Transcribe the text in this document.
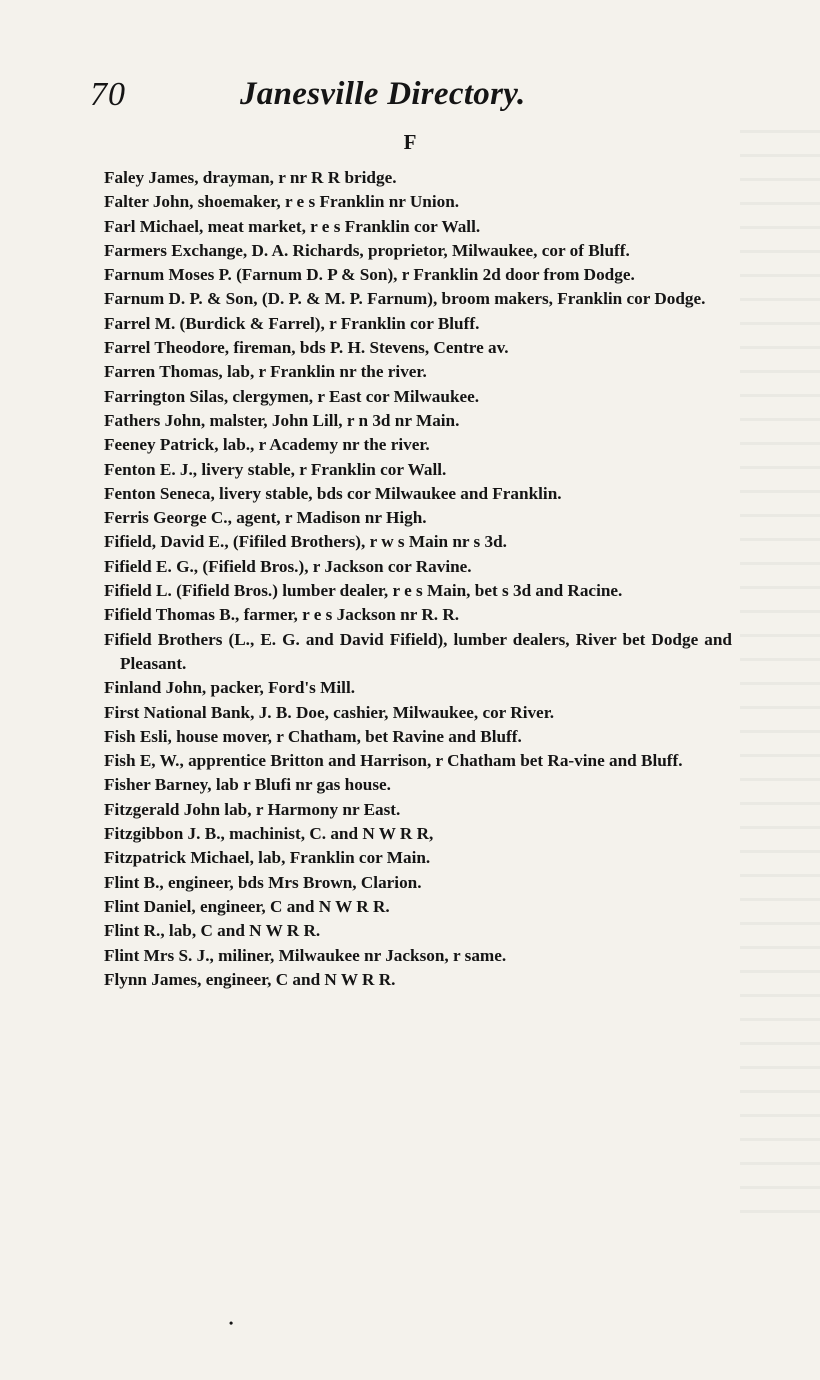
70	Janesville Directory.
F
Faley James, drayman, r nr R R bridge.
Falter John, shoemaker, r e s Franklin nr Union.
Farl Michael, meat market, r e s Franklin cor Wall.
Farmers Exchange, D. A. Richards, proprietor, Milwaukee, cor of Bluff.
Farnum Moses P. (Farnum D. P & Son), r Franklin 2d door from Dodge.
Farnum D. P. & Son, (D. P. & M. P. Farnum), broom makers, Franklin cor Dodge.
Farrel M. (Burdick & Farrel), r Franklin cor Bluff.
Farrel Theodore, fireman, bds P. H. Stevens, Centre av.
Farren Thomas, lab, r Franklin nr the river.
Farrington Silas, clergymen, r East cor Milwaukee.
Fathers John, malster, John Lill, r n 3d nr Main.
Feeney Patrick, lab., r Academy nr the river.
Fenton E. J., livery stable, r Franklin cor Wall.
Fenton Seneca, livery stable, bds cor Milwaukee and Franklin.
Ferris George C., agent, r Madison nr High.
Fifield, David E., (Fifiled Brothers), r w s Main nr s 3d.
Fifield E. G., (Fifield Bros.), r Jackson cor Ravine.
Fifield L. (Fifield Bros.) lumber dealer, r e s Main, bet s 3d and Racine.
Fifield Thomas B., farmer, r e s Jackson nr R. R.
Fifield Brothers (L., E. G. and David Fifield), lumber dealers, River bet Dodge and Pleasant.
Finland John, packer, Ford's Mill.
First National Bank, J. B. Doe, cashier, Milwaukee, cor River.
Fish Esli, house mover, r Chatham, bet Ravine and Bluff.
Fish E, W., apprentice Britton and Harrison, r Chatham bet Ra-vine and Bluff.
Fisher Barney, lab r Blufi nr gas house.
Fitzgerald John lab, r Harmony nr East.
Fitzgibbon J. B., machinist, C. and N W R R,
Fitzpatrick Michael, lab, Franklin cor Main.
Flint B., engineer, bds Mrs Brown, Clarion.
Flint Daniel, engineer, C and N W R R.
Flint R., lab, C and N W R R.
Flint Mrs S. J., miliner, Milwaukee nr Jackson, r same.
Flynn James, engineer, C and N W R R.
•
